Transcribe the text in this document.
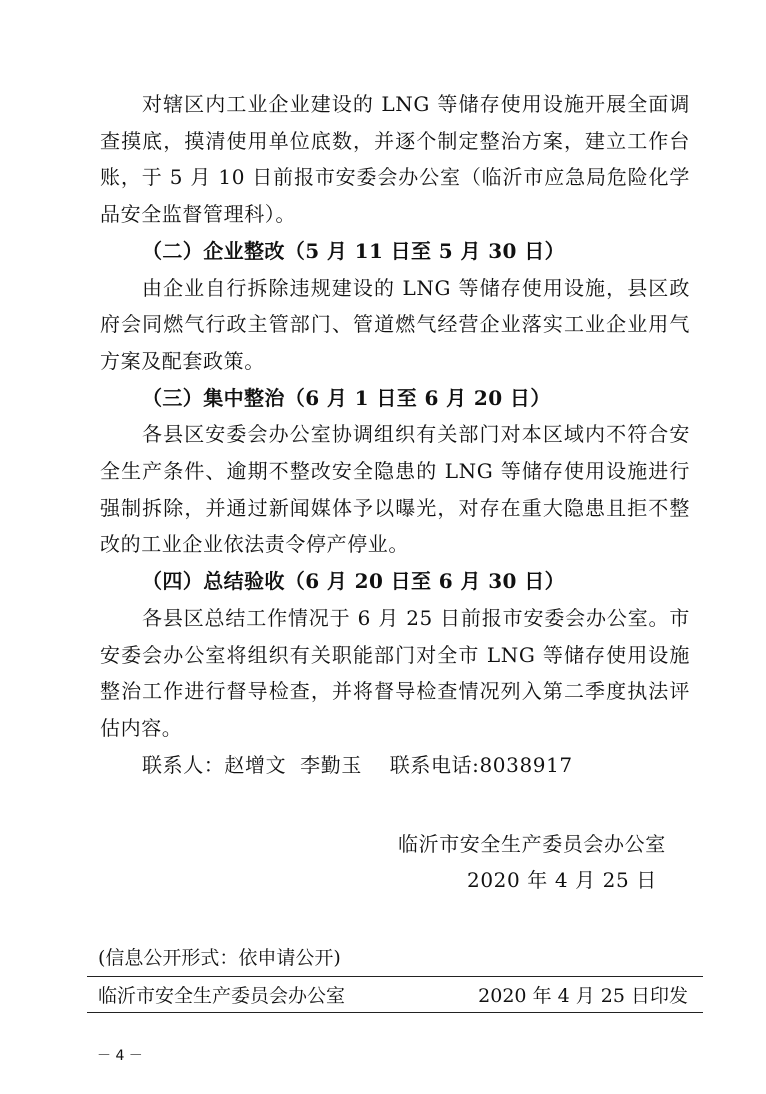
对辖区内工业企业建设的 LNG 等储存使用设施开展全面调查摸底，摸清使用单位底数，并逐个制定整治方案，建立工作台账，于 5 月 10 日前报市安委会办公室（临沂市应急局危险化学品安全监督管理科）。

（二）企业整改（5 月 11 日至 5 月 30 日）

由企业自行拆除违规建设的 LNG 等储存使用设施，县区政府会同燃气行政主管部门、管道燃气经营企业落实工业企业用气方案及配套政策。

（三）集中整治（6 月 1 日至 6 月 20 日）

各县区安委会办公室协调组织有关部门对本区域内不符合安全生产条件、逾期不整改安全隐患的 LNG 等储存使用设施进行强制拆除，并通过新闻媒体予以曝光，对存在重大隐患且拒不整改的工业企业依法责令停产停业。

（四）总结验收（6 月 20 日至 6 月 30 日）

各县区总结工作情况于 6 月 25 日前报市安委会办公室。市安委会办公室将组织有关职能部门对全市 LNG 等储存使用设施整治工作进行督导检查，并将督导检查情况列入第二季度执法评估内容。

联系人：赵增文  李勤玉    联系电话:8038917

临沂市安全生产委员会办公室
2020 年 4 月 25 日
(信息公开形式：依申请公开)
临沂市安全生产委员会办公室	2020 年 4 月 25 日印发
－ 4 －
